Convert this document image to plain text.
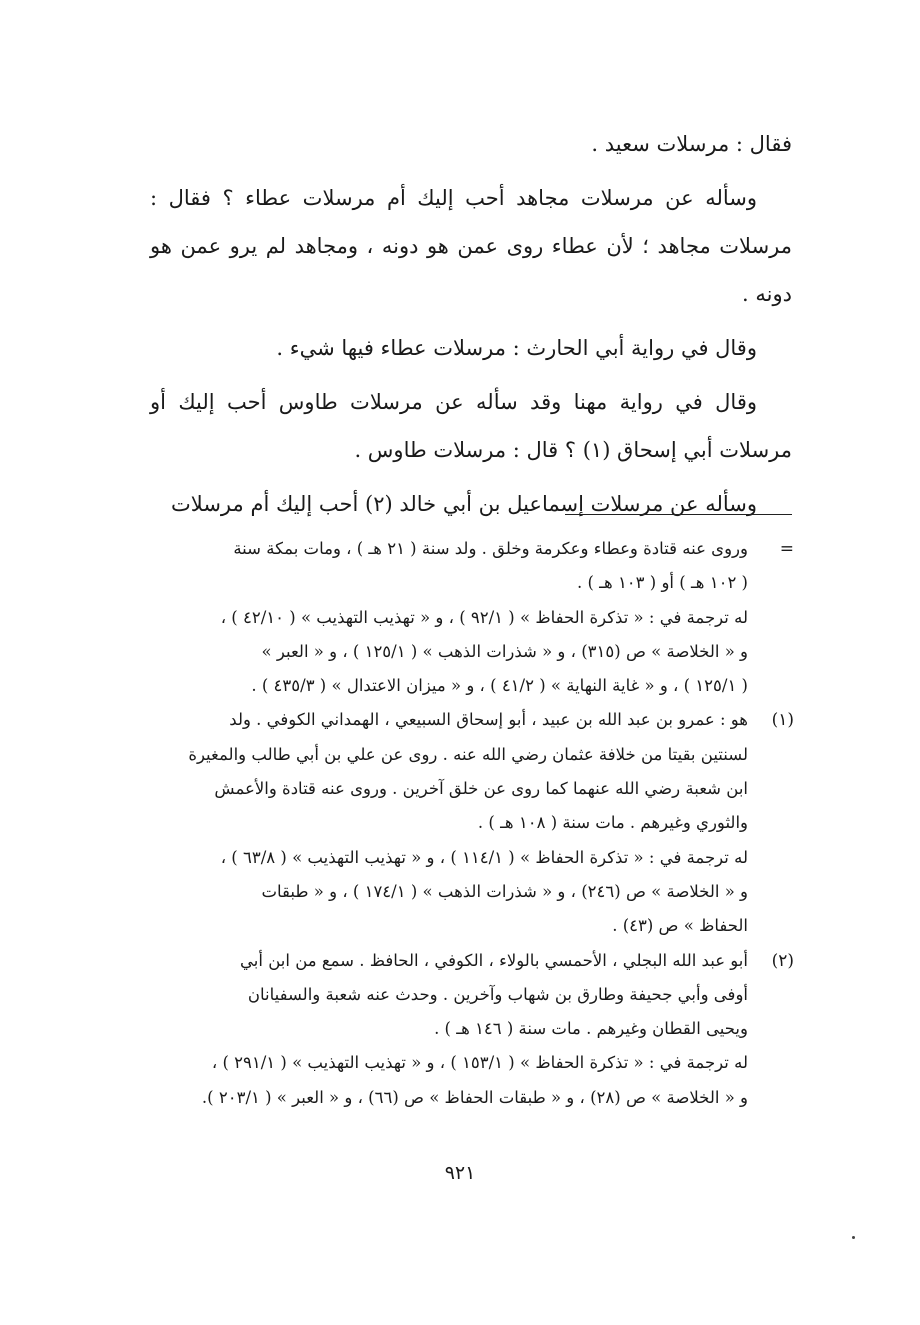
فقال : مرسلات سعيد .

وسأله عن مرسلات مجاهد أحب إليك أم مرسلات عطاء ؟ فقال : مرسلات مجاهد ؛ لأن عطاء روى عمن هو دونه ، ومجاهد لم يرو عمن هو دونه .

وقال في رواية أبي الحارث : مرسلات عطاء فيها شيء .

وقال في رواية مهنا وقد سأله عن مرسلات طاوس أحب إليك أو مرسلات أبي إسحاق (١) ؟ قال : مرسلات طاوس .

وسأله عن مرسلات إسماعيل بن أبي خالد (٢) أحب إليك أم مرسلات

=
وروى عنه قتادة وعطاء وعكرمة وخلق . ولد سنة ( ٢١ هـ ) ، ومات بمكة سنة
( ١٠٢ هـ ) أو ( ١٠٣ هـ ) .
له ترجمة في : « تذكرة الحفاظ » ( ٩٢/١ ) ، و « تهذيب التهذيب » ( ٤٢/١٠ ) ،
و « الخلاصة » ص (٣١٥) ، و « شذرات الذهب » ( ١٢٥/١ ) ، و « العبر »
( ١٢٥/١ ) ، و « غاية النهاية » ( ٤١/٢ ) ، و « ميزان الاعتدال » ( ٤٣٥/٣ ) .
(١)
هو : عمرو بن عبد الله بن عبيد ، أبو إسحاق السبيعي ، الهمداني الكوفي . ولد
لسنتين بقيتا من خلافة عثمان رضي الله عنه . روى عن علي بن أبي طالب والمغيرة
ابن شعبة رضي الله عنهما كما روى عن خلق آخرين . وروى عنه قتادة والأعمش
والثوري وغيرهم . مات سنة ( ١٠٨ هـ ) .
له ترجمة في : « تذكرة الحفاظ » ( ١١٤/١ ) ، و « تهذيب التهذيب » ( ٦٣/٨ ) ،
و « الخلاصة » ص (٢٤٦) ، و « شذرات الذهب » ( ١٧٤/١ ) ، و « طبقات
الحفاظ » ص (٤٣) .
(٢)
أبو عبد الله البجلي ، الأحمسي بالولاء ، الكوفي ، الحافظ . سمع من ابن أبي
أوفى وأبي جحيفة وطارق بن شهاب وآخرين . وحدث عنه شعبة والسفيانان
ويحيى القطان وغيرهم . مات سنة ( ١٤٦ هـ ) .
له ترجمة في : « تذكرة الحفاظ » ( ١٥٣/١ ) ، و « تهذيب التهذيب » ( ٢٩١/١ ) ،
و « الخلاصة » ص (٢٨) ، و « طبقات الحفاظ » ص (٦٦) ، و « العبر » ( ٢٠٣/١ ).
٩٢١
